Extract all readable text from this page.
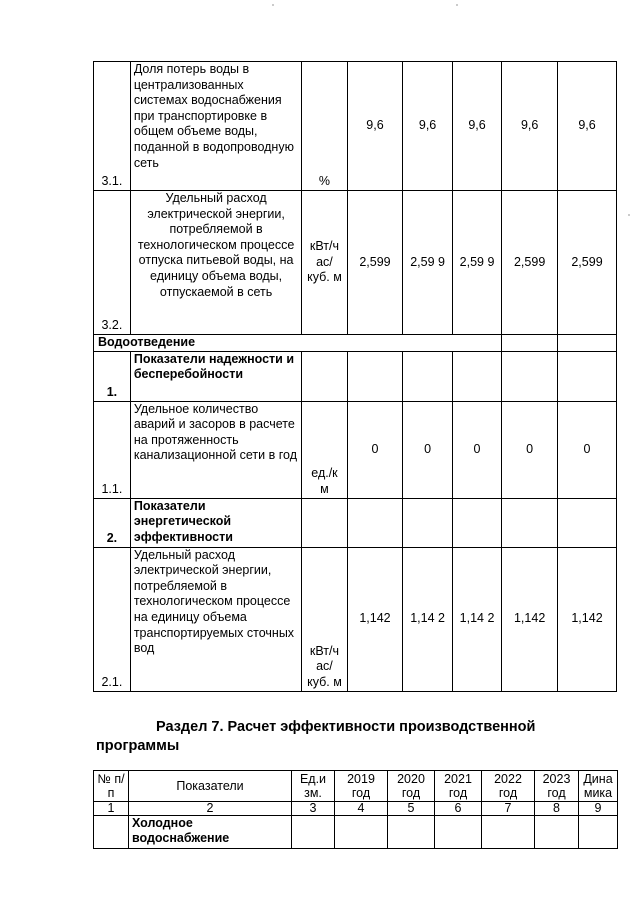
3.1.	Доля потерь воды в централизованных системах водоснабжения при транспортировке в общем объеме воды, поданной в водопроводную сеть	%	9,6	9,6	9,6	9,6	9,6
3.2.	Удельный расход электрической энергии, потребляемой в технологическом процессе отпуска питьевой воды, на единицу объема воды, отпускаемой в сеть	кВт/ч ас/ куб. м	2,599	2,59 9	2,59 9	2,599	2,599
Водоотведение							
1.	Показатели надежности и бесперебойности						
1.1.	Удельное количество аварий и засоров в расчете на протяженность канализационной сети в год	ед./к м	0	0	0	0	0
2.	Показатели энергетической эффективности						
2.1.	Удельный расход электрической энергии, потребляемой в технологическом процессе на единицу объема транспортируемых сточных вод	кВт/ч ас/ куб. м	1,142	1,14 2	1,14 2	1,142	1,142
Раздел 7. Расчет эффективности производственной программы
№ п/п	Показатели	Ед.и зм.	2019 год	2020 год	2021 год	2022 год	2023 год	Дина мика
1	2	3	4	5	6	7	8	9
	Холодное водоснабжение							
